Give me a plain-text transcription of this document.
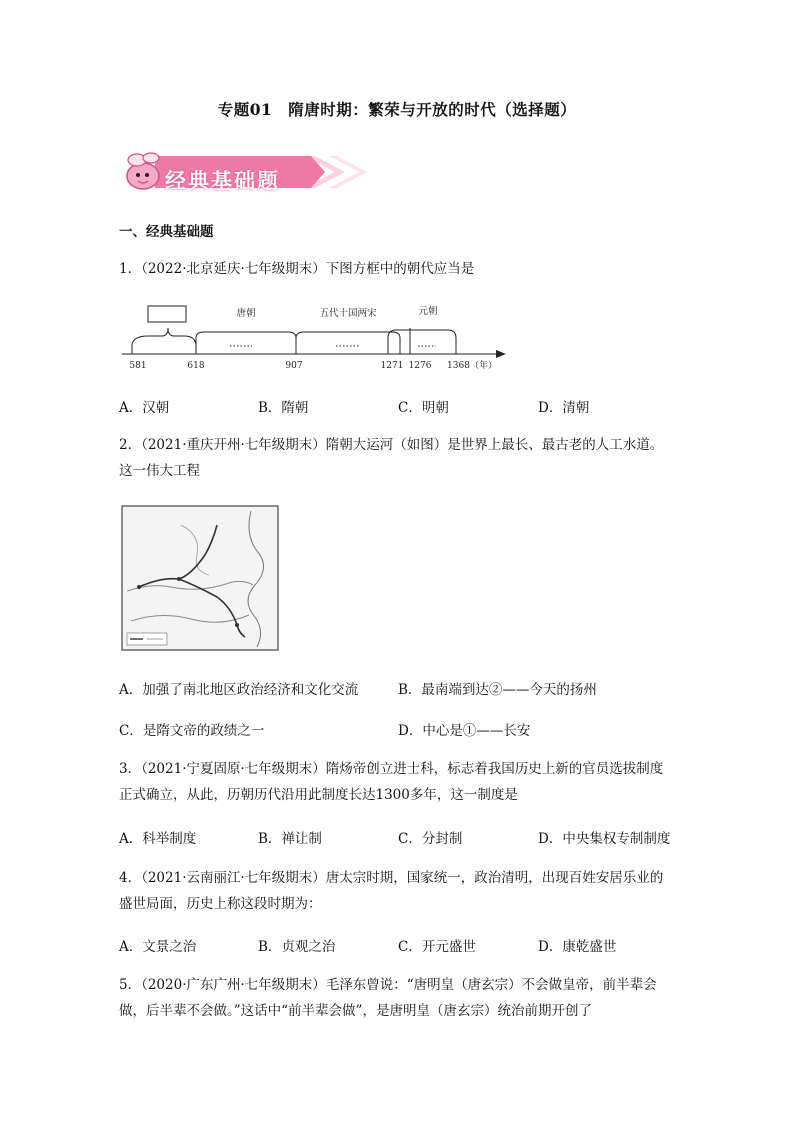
专题01　隋唐时期：繁荣与开放的时代（选择题）
经典基础题
一、经典基础题
1．（2022·北京延庆·七年级期末）下图方框中的朝代应当是
唐朝	五代十国两宋	元朝
581	618	907	1271 1276 1368（年）
A．汉朝	B．隋朝	C．明朝	D．清朝
2．（2021·重庆开州·七年级期末）隋朝大运河（如图）是世界上最长、最古老的人工水道。
这一伟大工程
A．加强了南北地区政治经济和文化交流	B．最南端到达②——今天的扬州
C．是隋文帝的政绩之一	D．中心是①——长安
3．（2021·宁夏固原·七年级期末）隋炀帝创立进士科，标志着我国历史上新的官员选拔制度
正式确立，从此，历朝历代沿用此制度长达1300多年，这一制度是
A．科举制度	B．禅让制	C．分封制	D．中央集权专制制度
4．（2021·云南丽江·七年级期末）唐太宗时期，国家统一，政治清明，出现百姓安居乐业的
盛世局面，历史上称这段时期为：
A．文景之治	B．贞观之治	C．开元盛世	D．康乾盛世
5．（2020·广东广州·七年级期末）毛泽东曾说：“唐明皇（唐玄宗）不会做皇帝，前半辈会
做，后半辈不会做。”这话中“前半辈会做”，是唐明皇（唐玄宗）统治前期开创了
